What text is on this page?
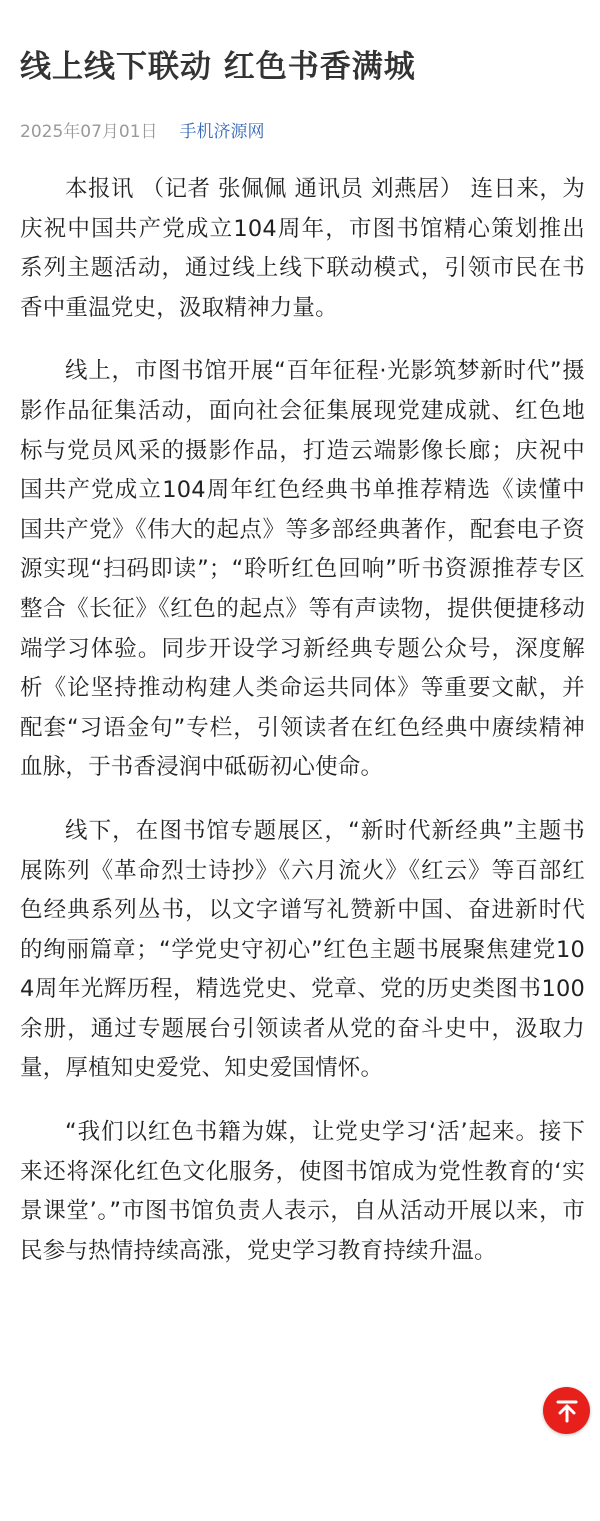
线上线下联动 红色书香满城
2025年07月01日 手机济源网

本报讯 （记者 张佩佩 通讯员 刘燕居） 连日来，为庆祝中国共产党成立104周年，市图书馆精心策划推出系列主题活动，通过线上线下联动模式，引领市民在书香中重温党史，汲取精神力量。

线上，市图书馆开展“百年征程·光影筑梦新时代”摄影作品征集活动，面向社会征集展现党建成就、红色地标与党员风采的摄影作品，打造云端影像长廊；庆祝中国共产党成立104周年红色经典书单推荐精选《读懂中国共产党》《伟大的起点》等多部经典著作，配套电子资源实现“扫码即读”；“聆听红色回响”听书资源推荐专区整合《长征》《红色的起点》等有声读物，提供便捷移动端学习体验。同步开设学习新经典专题公众号，深度解析《论坚持推动构建人类命运共同体》等重要文献，并配套“习语金句”专栏，引领读者在红色经典中赓续精神血脉，于书香浸润中砥砺初心使命。

线下，在图书馆专题展区，“新时代新经典”主题书展陈列《革命烈士诗抄》《六月流火》《红云》等百部红色经典系列丛书，以文字谱写礼赞新中国、奋进新时代的绚丽篇章；“学党史守初心”红色主题书展聚焦建党104周年光辉历程，精选党史、党章、党的历史类图书100余册，通过专题展台引领读者从党的奋斗史中，汲取力量，厚植知史爱党、知史爱国情怀。

“我们以红色书籍为媒，让党史学习‘活’起来。接下来还将深化红色文化服务，使图书馆成为党性教育的‘实景课堂’。”市图书馆负责人表示，自从活动开展以来，市民参与热情持续高涨，党史学习教育持续升温。
